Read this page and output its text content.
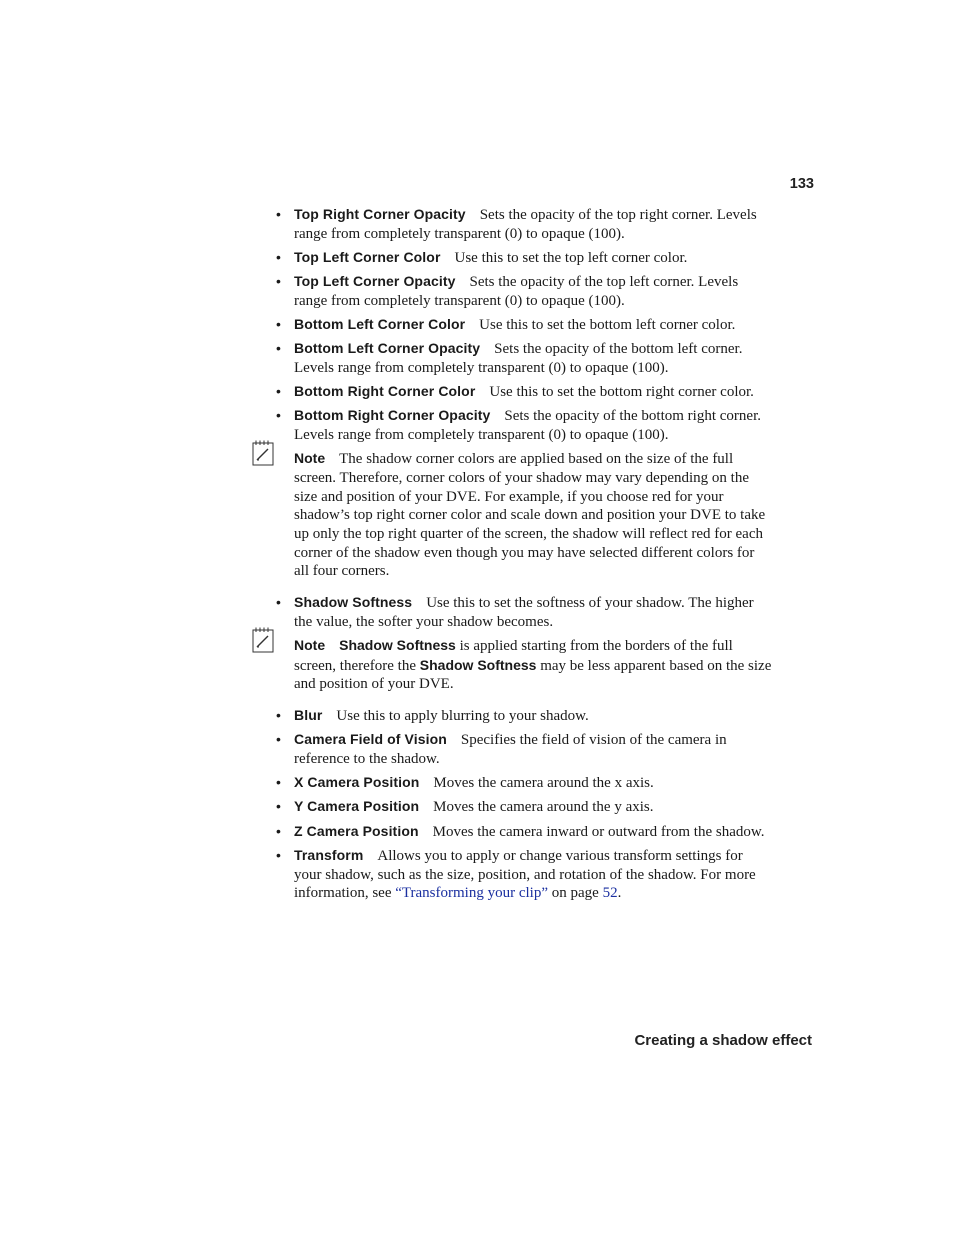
133
• Top Right Corner Opacity Sets the opacity of the top right corner. Levels range from completely transparent (0) to opaque (100).
• Top Left Corner Color Use this to set the top left corner color.
• Top Left Corner Opacity Sets the opacity of the top left corner. Levels range from completely transparent (0) to opaque (100).
• Bottom Left Corner Color Use this to set the bottom left corner color.
• Bottom Left Corner Opacity Sets the opacity of the bottom left corner. Levels range from completely transparent (0) to opaque (100).
• Bottom Right Corner Color Use this to set the bottom right corner color.
• Bottom Right Corner Opacity Sets the opacity of the bottom right corner. Levels range from completely transparent (0) to opaque (100).
Note The shadow corner colors are applied based on the size of the full screen. Therefore, corner colors of your shadow may vary depending on the size and position of your DVE. For example, if you choose red for your shadow’s top right corner color and scale down and position your DVE to take up only the top right quarter of the screen, the shadow will reflect red for each corner of the shadow even though you may have selected different colors for all four corners.
• Shadow Softness Use this to set the softness of your shadow. The higher the value, the softer your shadow becomes.
Note Shadow Softness is applied starting from the borders of the full screen, therefore the Shadow Softness may be less apparent based on the size and position of your DVE.
• Blur Use this to apply blurring to your shadow.
• Camera Field of Vision Specifies the field of vision of the camera in reference to the shadow.
• X Camera Position Moves the camera around the x axis.
• Y Camera Position Moves the camera around the y axis.
• Z Camera Position Moves the camera inward or outward from the shadow.
• Transform Allows you to apply or change various transform settings for your shadow, such as the size, position, and rotation of the shadow. For more information, see “Transforming your clip” on page 52.
Creating a shadow effect
